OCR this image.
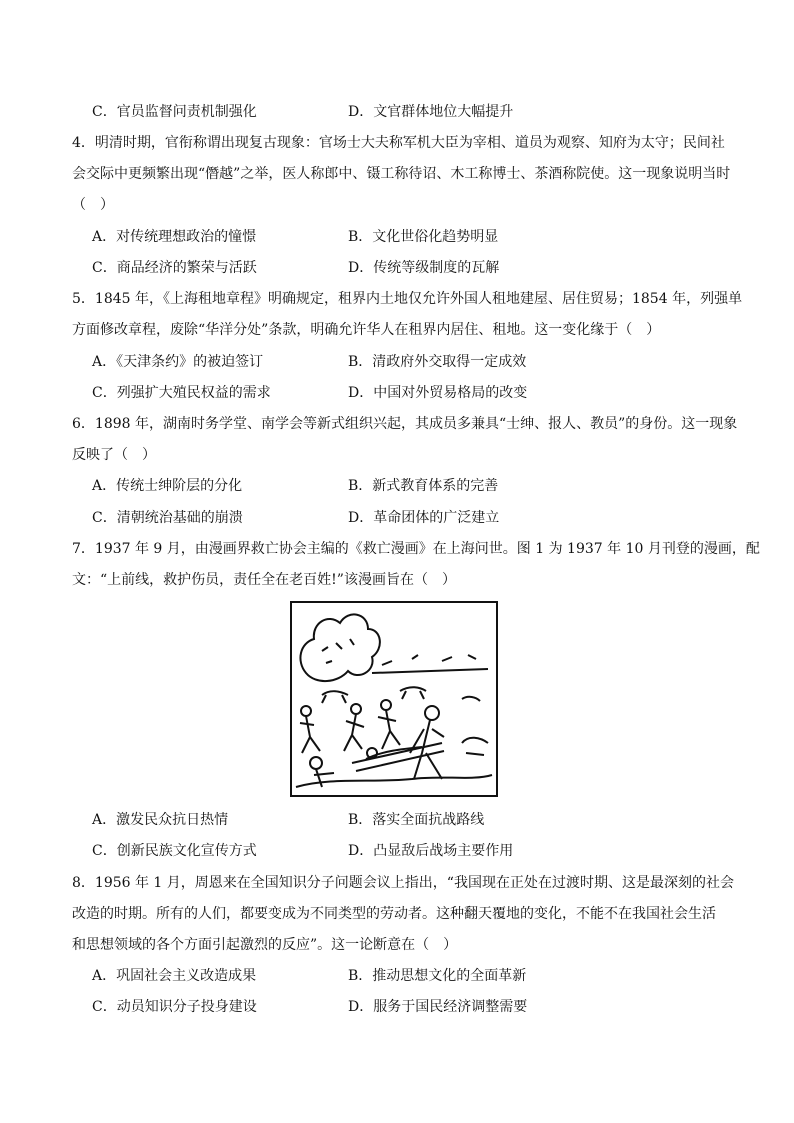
C．官员监督问责机制强化	D．文官群体地位大幅提升
4．明清时期，官衔称谓出现复古现象：官场士大夫称军机大臣为宰相、道员为观察、知府为太守；民间社
会交际中更频繁出现“僭越”之举，医人称郎中、镊工称待诏、木工称博士、茶酒称院使。这一现象说明当时
（　）
A．对传统理想政治的憧憬	B．文化世俗化趋势明显
C．商品经济的繁荣与活跃	D．传统等级制度的瓦解
5．1845 年，《上海租地章程》明确规定，租界内土地仅允许外国人租地建屋、居住贸易；1854 年，列强单
方面修改章程，废除“华洋分处”条款，明确允许华人在租界内居住、租地。这一变化缘于（　）
A．《天津条约》的被迫签订	B．清政府外交取得一定成效
C．列强扩大殖民权益的需求	D．中国对外贸易格局的改变
6．1898 年，湖南时务学堂、南学会等新式组织兴起，其成员多兼具“士绅、报人、教员”的身份。这一现象
反映了（　）
A．传统士绅阶层的分化	B．新式教育体系的完善
C．清朝统治基础的崩溃	D．革命团体的广泛建立
7．1937 年 9 月，由漫画界救亡协会主编的《救亡漫画》在上海问世。图 1 为 1937 年 10 月刊登的漫画，配
文：“上前线，救护伤员，责任全在老百姓!”该漫画旨在（　）
A．激发民众抗日热情	B．落实全面抗战路线
C．创新民族文化宣传方式	D．凸显敌后战场主要作用
8．1956 年 1 月，周恩来在全国知识分子问题会议上指出，“我国现在正处在过渡时期、这是最深刻的社会
改造的时期。所有的人们，都要变成为不同类型的劳动者。这种翻天覆地的变化，不能不在我国社会生活
和思想领域的各个方面引起激烈的反应”。这一论断意在（　）
A．巩固社会主义改造成果	B．推动思想文化的全面革新
C．动员知识分子投身建设	D．服务于国民经济调整需要
